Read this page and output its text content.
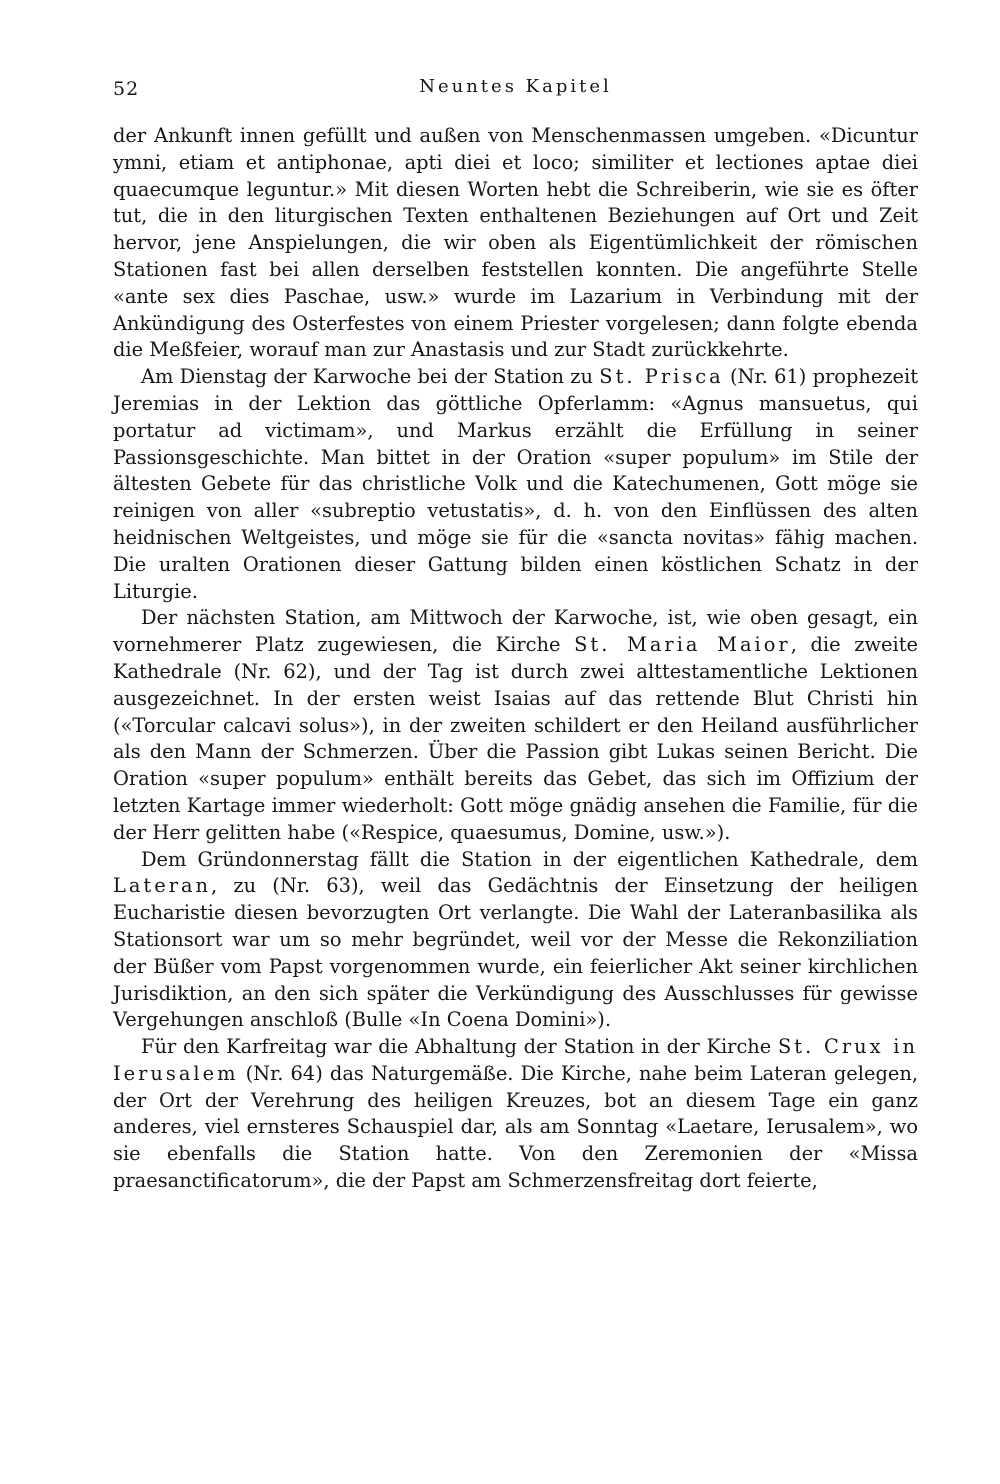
52	Neuntes Kapitel

der Ankunft innen gefüllt und außen von Menschenmassen umgeben. «Dicuntur ymni, etiam et antiphonae, apti diei et loco; similiter et lectiones aptae diei quaecumque leguntur.» Mit diesen Worten hebt die Schreiberin, wie sie es öfter tut, die in den liturgischen Texten enthaltenen Beziehungen auf Ort und Zeit hervor, jene Anspielungen, die wir oben als Eigentümlichkeit der römischen Stationen fast bei allen derselben feststellen konnten. Die angeführte Stelle «ante sex dies Paschae, usw.» wurde im Lazarium in Verbindung mit der Ankündigung des Osterfestes von einem Priester vorgelesen; dann folgte ebenda die Meßfeier, worauf man zur Anastasis und zur Stadt zurückkehrte.

Am Dienstag der Karwoche bei der Station zu St. Prisca (Nr. 61) prophezeit Jeremias in der Lektion das göttliche Opferlamm: «Agnus mansuetus, qui portatur ad victimam», und Markus erzählt die Erfüllung in seiner Passionsgeschichte. Man bittet in der Oration «super populum» im Stile der ältesten Gebete für das christliche Volk und die Katechumenen, Gott möge sie reinigen von aller «subreptio vetustatis», d. h. von den Einflüssen des alten heidnischen Weltgeistes, und möge sie für die «sancta novitas» fähig machen. Die uralten Orationen dieser Gattung bilden einen köstlichen Schatz in der Liturgie.

Der nächsten Station, am Mittwoch der Karwoche, ist, wie oben gesagt, ein vornehmerer Platz zugewiesen, die Kirche St. Maria Maior, die zweite Kathedrale (Nr. 62), und der Tag ist durch zwei alttestamentliche Lektionen ausgezeichnet. In der ersten weist Isaias auf das rettende Blut Christi hin («Torcular calcavi solus»), in der zweiten schildert er den Heiland ausführlicher als den Mann der Schmerzen. Über die Passion gibt Lukas seinen Bericht. Die Oration «super populum» enthält bereits das Gebet, das sich im Offizium der letzten Kartage immer wiederholt: Gott möge gnädig ansehen die Familie, für die der Herr gelitten habe («Respice, quaesumus, Domine, usw.»).

Dem Gründonnerstag fällt die Station in der eigentlichen Kathedrale, dem Lateran, zu (Nr. 63), weil das Gedächtnis der Einsetzung der heiligen Eucharistie diesen bevorzugten Ort verlangte. Die Wahl der Lateranbasilika als Stationsort war um so mehr begründet, weil vor der Messe die Rekonziliation der Büßer vom Papst vorgenommen wurde, ein feierlicher Akt seiner kirchlichen Jurisdiktion, an den sich später die Verkündigung des Ausschlusses für gewisse Vergehungen anschloß (Bulle «In Coena Domini»).

Für den Karfreitag war die Abhaltung der Station in der Kirche St. Crux in Ierusalem (Nr. 64) das Naturgemäße. Die Kirche, nahe beim Lateran gelegen, der Ort der Verehrung des heiligen Kreuzes, bot an diesem Tage ein ganz anderes, viel ernsteres Schauspiel dar, als am Sonntag «Laetare, Ierusalem», wo sie ebenfalls die Station hatte. Von den Zeremonien der «Missa praesanctificatorum», die der Papst am Schmerzensfreitag dort feierte,
